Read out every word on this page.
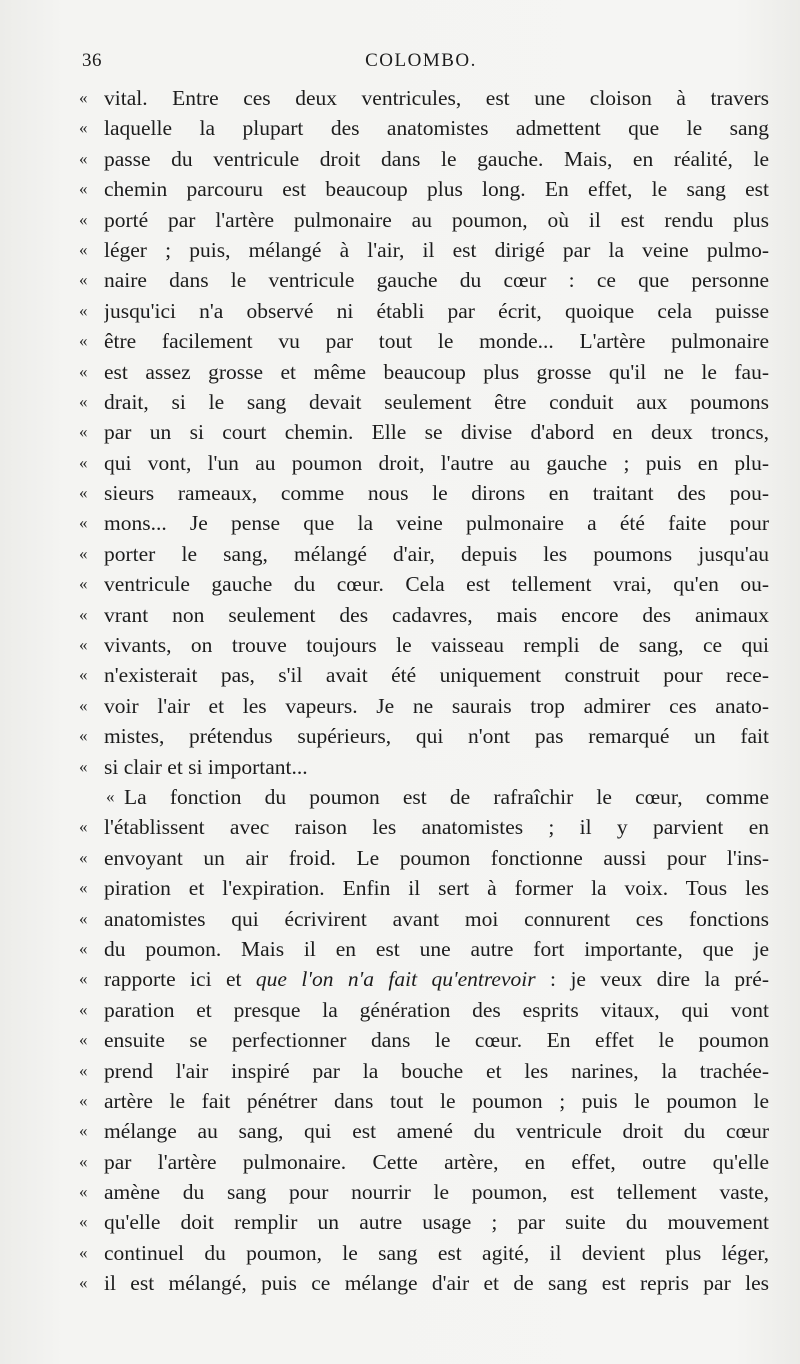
36	COLOMBO.
« vital. Entre ces deux ventricules, est une cloison à travers
« laquelle la plupart des anatomistes admettent que le sang
« passe du ventricule droit dans le gauche. Mais, en réalité, le
« chemin parcouru est beaucoup plus long. En effet, le sang est
« porté par l'artère pulmonaire au poumon, où il est rendu plus
« léger ; puis, mélangé à l'air, il est dirigé par la veine pulmo-
« naire dans le ventricule gauche du cœur : ce que personne
« jusqu'ici n'a observé ni établi par écrit, quoique cela puisse
« être facilement vu par tout le monde... L'artère pulmonaire
« est assez grosse et même beaucoup plus grosse qu'il ne le fau-
« drait, si le sang devait seulement être conduit aux poumons
« par un si court chemin. Elle se divise d'abord en deux troncs,
« qui vont, l'un au poumon droit, l'autre au gauche ; puis en plu-
« sieurs rameaux, comme nous le dirons en traitant des pou-
« mons... Je pense que la veine pulmonaire a été faite pour
« porter le sang, mélangé d'air, depuis les poumons jusqu'au
« ventricule gauche du cœur. Cela est tellement vrai, qu'en ou-
« vrant non seulement des cadavres, mais encore des animaux
« vivants, on trouve toujours le vaisseau rempli de sang, ce qui
« n'existerait pas, s'il avait été uniquement construit pour rece-
« voir l'air et les vapeurs. Je ne saurais trop admirer ces anato-
« mistes, prétendus supérieurs, qui n'ont pas remarqué un fait
« si clair et si important...
« La fonction du poumon est de rafraîchir le cœur, comme
« l'établissent avec raison les anatomistes ; il y parvient en
« envoyant un air froid. Le poumon fonctionne aussi pour l'ins-
« piration et l'expiration. Enfin il sert à former la voix. Tous les
« anatomistes qui écrivirent avant moi connurent ces fonctions
« du poumon. Mais il en est une autre fort importante, que je
« rapporte ici et que l'on n'a fait qu'entrevoir : je veux dire la pré-
« paration et presque la génération des esprits vitaux, qui vont
« ensuite se perfectionner dans le cœur. En effet le poumon
« prend l'air inspiré par la bouche et les narines, la trachée-
« artère le fait pénétrer dans tout le poumon ; puis le poumon le
« mélange au sang, qui est amené du ventricule droit du cœur
« par l'artère pulmonaire. Cette artère, en effet, outre qu'elle
« amène du sang pour nourrir le poumon, est tellement vaste,
« qu'elle doit remplir un autre usage ; par suite du mouvement
« continuel du poumon, le sang est agité, il devient plus léger,
« il est mélangé, puis ce mélange d'air et de sang est repris par les
